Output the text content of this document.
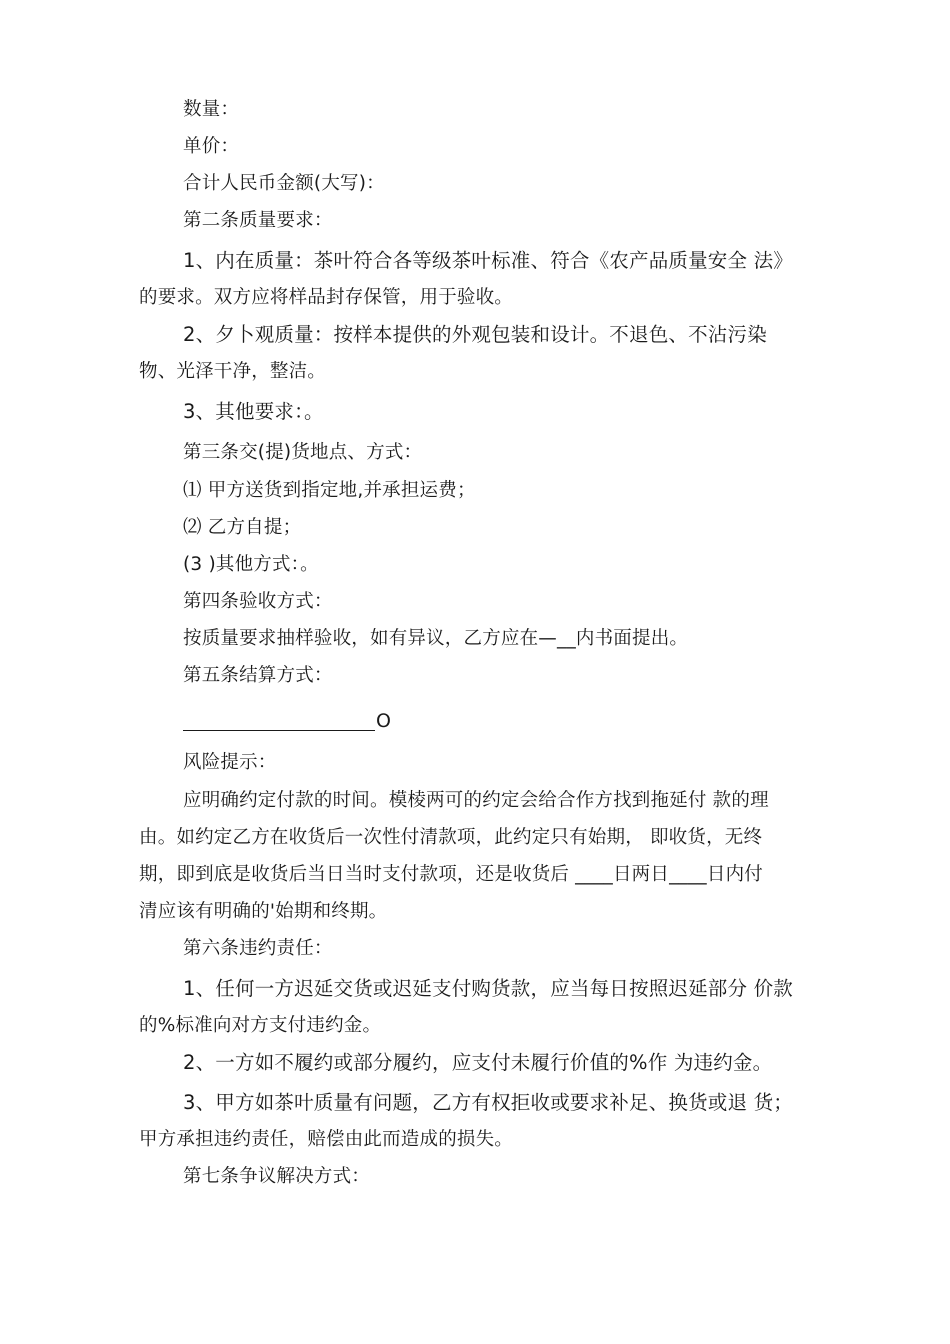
数量：
单价：
合计人民币金额(大写)：
第二条质量要求：
1、内在质量：茶叶符合各等级茶叶标准、符合《农产品质量安全 法》
的要求。双方应将样品封存保管，用于验收。
2、夕卜观质量：按样本提供的外观包装和设计。不退色、不沾污染
物、光泽干净，整洁。
3、其他要求：。
第三条交(提)货地点、方式：
⑴ 甲方送货到指定地,并承担运费；
⑵ 乙方自提；
(3 )其他方式：。
第四条验收方式：
按质量要求抽样验收，如有异议，乙方应在—__内书面提出。
第五条结算方式：
O
风险提示：
应明确约定付款的时间。模棱两可的约定会给合作方找到拖延付 款的理
由。如约定乙方在收货后一次性付清款项，此约定只有始期， 即收货，无终
期，即到底是收货后当日当时支付款项，还是收货后 ____日两日____日内付
清应该有明确的'始期和终期。
第六条违约责任：
1、任何一方迟延交货或迟延支付购货款，应当每日按照迟延部分 价款
的%标准向对方支付违约金。
2、一方如不履约或部分履约，应支付未履行价值的%作 为违约金。
3、甲方如茶叶质量有问题，乙方有权拒收或要求补足、换货或退 货；
甲方承担违约责任，赔偿由此而造成的损失。
第七条争议解决方式：
